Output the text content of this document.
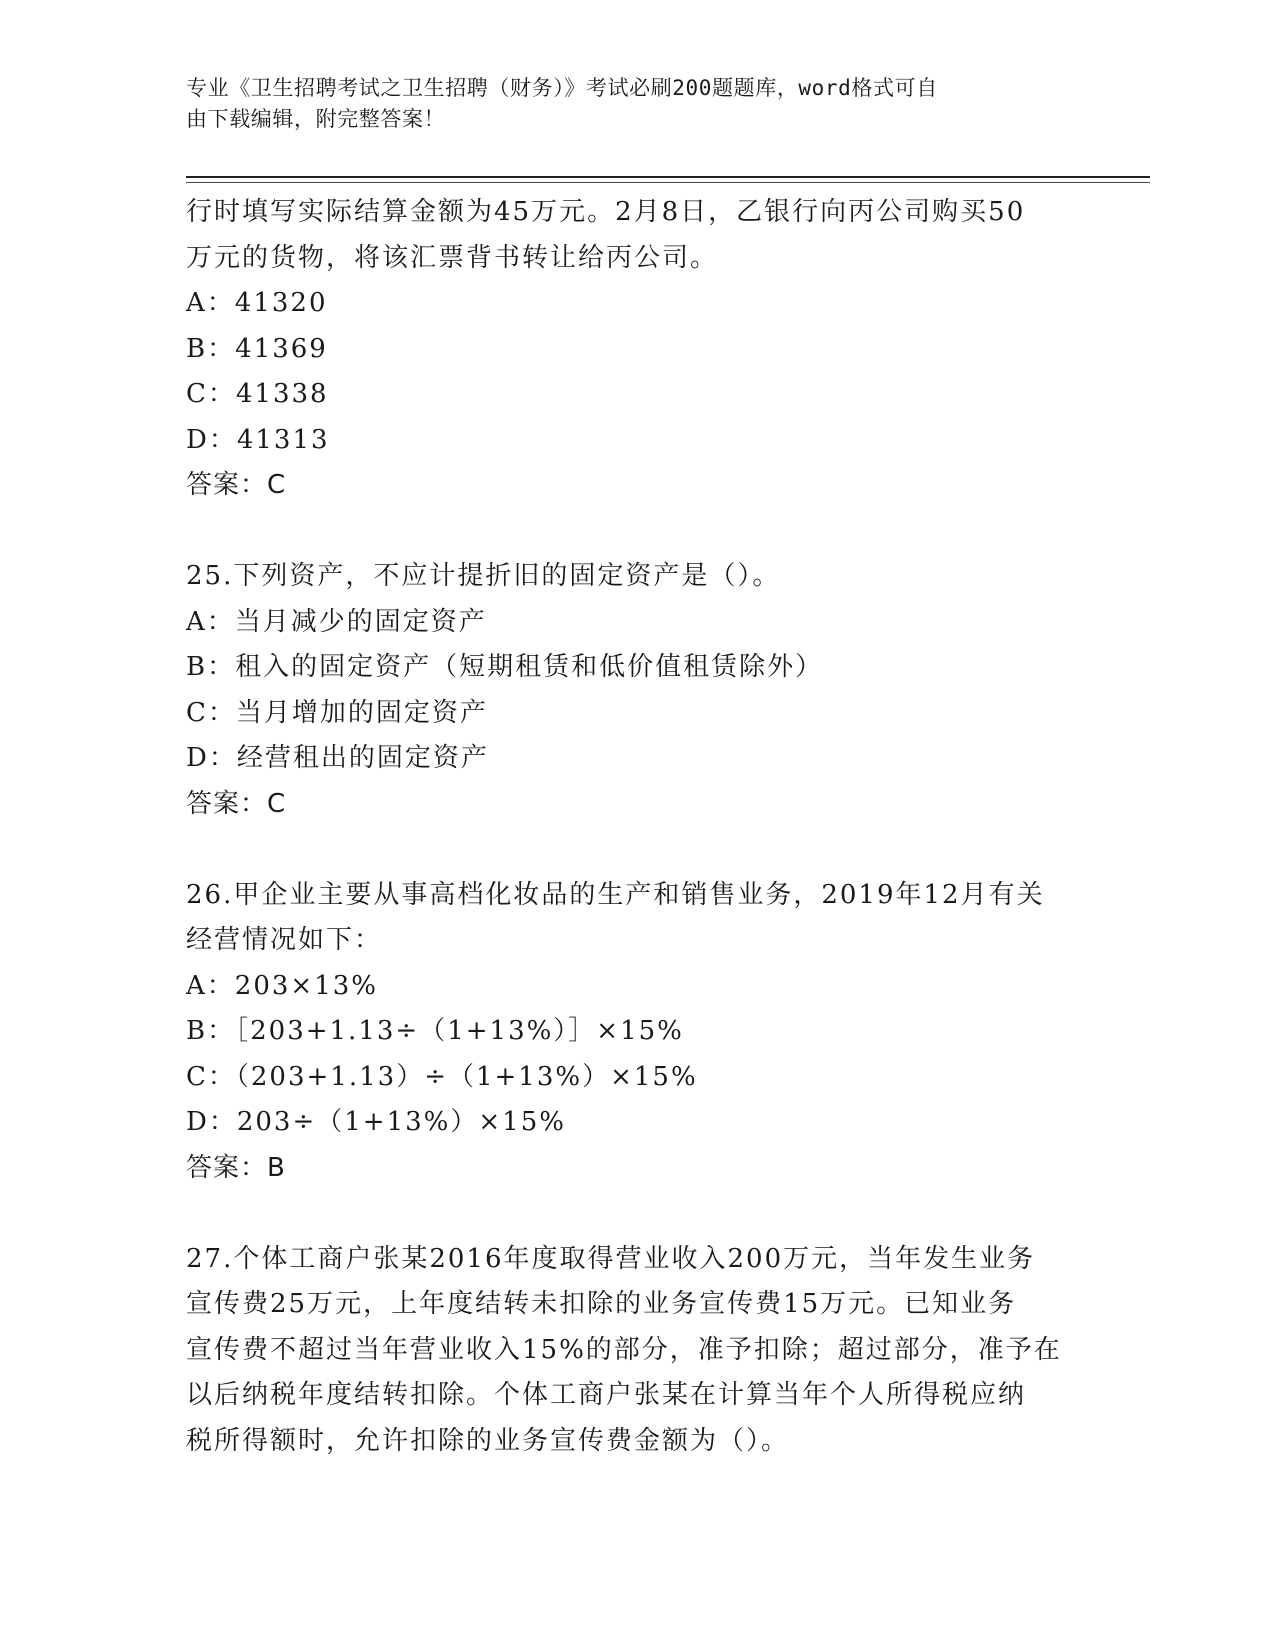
专业《卫生招聘考试之卫生招聘（财务）》考试必刷200题题库，word格式可自
由下载编辑，附完整答案！
行时填写实际结算金额为45万元。2月8日，乙银行向丙公司购买50
万元的货物，将该汇票背书转让给丙公司。
A：41320
B：41369
C：41338
D：41313
答案：C
25.下列资产，不应计提折旧的固定资产是（）。
A：当月减少的固定资产
B：租入的固定资产（短期租赁和低价值租赁除外）
C：当月增加的固定资产
D：经营租出的固定资产
答案：C
26.甲企业主要从事高档化妆品的生产和销售业务，2019年12月有关
经营情况如下：
A：203×13%
B：［203+1.13÷（1+13%）］×15%
C：（203+1.13）÷（1+13%）×15%
D：203÷（1+13%）×15%
答案：B
27.个体工商户张某2016年度取得营业收入200万元，当年发生业务
宣传费25万元，上年度结转未扣除的业务宣传费15万元。已知业务
宣传费不超过当年营业收入15%的部分，准予扣除；超过部分，准予在
以后纳税年度结转扣除。个体工商户张某在计算当年个人所得税应纳
税所得额时，允许扣除的业务宣传费金额为（）。
